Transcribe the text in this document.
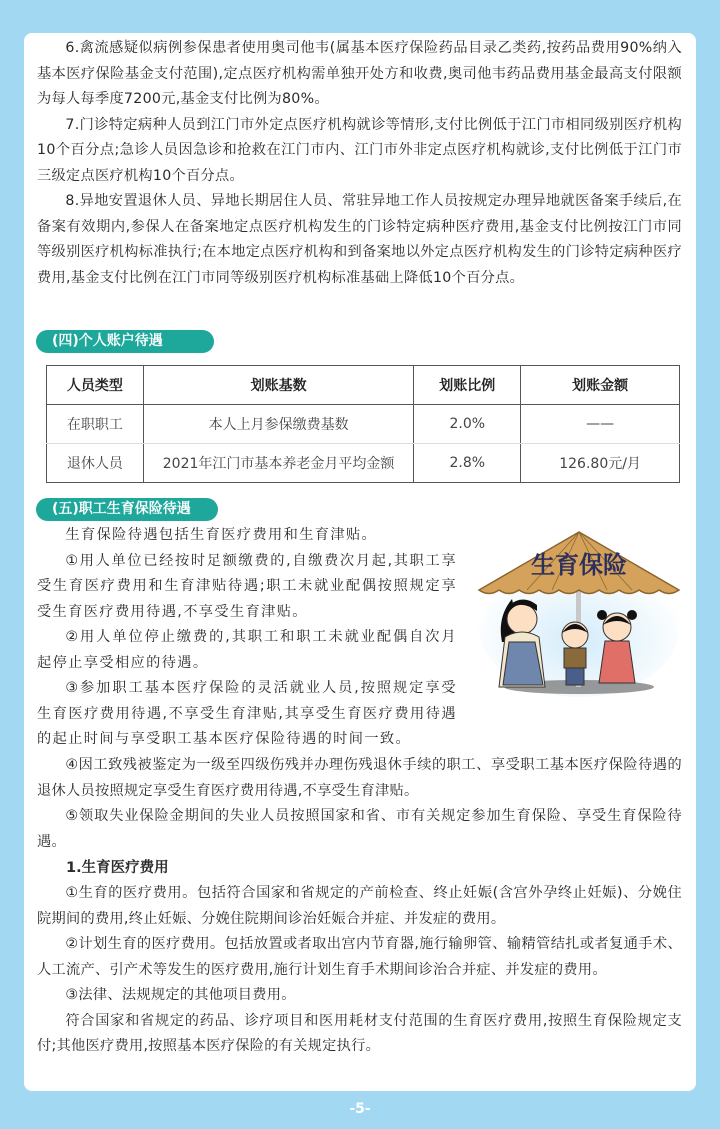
6.禽流感疑似病例参保患者使用奥司他韦(属基本医疗保险药品目录乙类药,按药品费用90%纳入基本医疗保险基金支付范围),定点医疗机构需单独开处方和收费,奥司他韦药品费用基金最高支付限额为每人每季度7200元,基金支付比例为80%。

7.门诊特定病种人员到江门市外定点医疗机构就诊等情形,支付比例低于江门市相同级别医疗机构10个百分点;急诊人员因急诊和抢救在江门市内、江门市外非定点医疗机构就诊,支付比例低于江门市三级定点医疗机构10个百分点。

8.异地安置退休人员、异地长期居住人员、常驻异地工作人员按规定办理异地就医备案手续后,在备案有效期内,参保人在备案地定点医疗机构发生的门诊特定病种医疗费用,基金支付比例按江门市同等级别医疗机构标准执行;在本地定点医疗机构和到备案地以外定点医疗机构发生的门诊特定病种医疗费用,基金支付比例在江门市同等级别医疗机构标准基础上降低10个百分点。

(四)个人账户待遇
人员类型	划账基数	划账比例	划账金额
在职职工	本人上月参保缴费基数	2.0%	——
退休人员	2021年江门市基本养老金月平均金额	2.8%	126.80元/月
(五)职工生育保险待遇

生育保险待遇包括生育医疗费用和生育津贴。

①用人单位已经按时足额缴费的,自缴费次月起,其职工享受生育医疗费用和生育津贴待遇;职工未就业配偶按照规定享受生育医疗费用待遇,不享受生育津贴。

②用人单位停止缴费的,其职工和职工未就业配偶自次月起停止享受相应的待遇。

③参加职工基本医疗保险的灵活就业人员,按照规定享受生育医疗费用待遇,不享受生育津贴,其享受生育医疗费用待遇的起止时间与享受职工基本医疗保险待遇的时间一致。

生育保险

④因工致残被鉴定为一级至四级伤残并办理伤残退休手续的职工、享受职工基本医疗保险待遇的退休人员按照规定享受生育医疗费用待遇,不享受生育津贴。

⑤领取失业保险金期间的失业人员按照国家和省、市有关规定参加生育保险、享受生育保险待遇。

1.生育医疗费用

①生育的医疗费用。包括符合国家和省规定的产前检查、终止妊娠(含宫外孕终止妊娠)、分娩住院期间的费用,终止妊娠、分娩住院期间诊治妊娠合并症、并发症的费用。

②计划生育的医疗费用。包括放置或者取出宫内节育器,施行输卵管、输精管结扎或者复通手术、人工流产、引产术等发生的医疗费用,施行计划生育手术期间诊治合并症、并发症的费用。

③法律、法规规定的其他项目费用。

符合国家和省规定的药品、诊疗项目和医用耗材支付范围的生育医疗费用,按照生育保险规定支付;其他医疗费用,按照基本医疗保险的有关规定执行。

-5-
